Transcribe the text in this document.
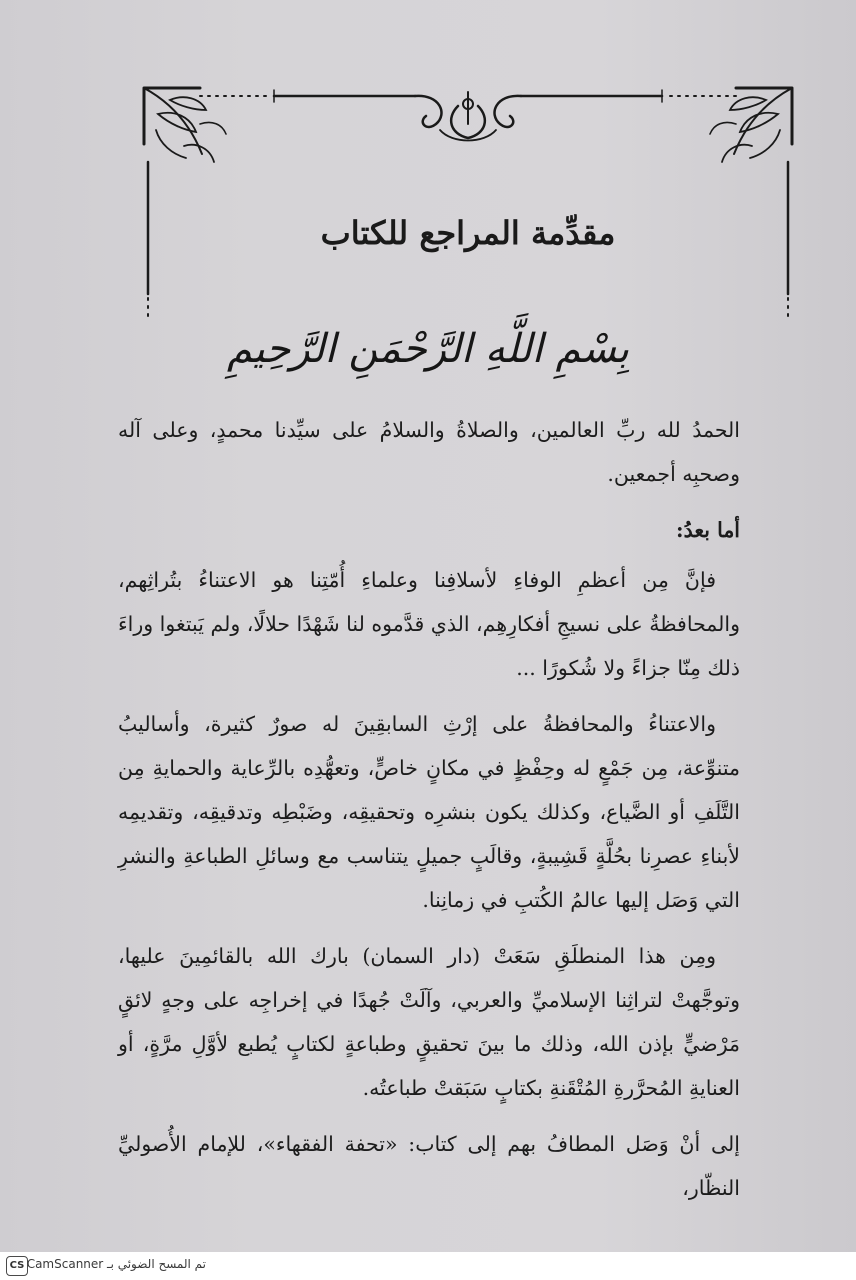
مقدِّمة المراجع للكتاب
بِسْمِ اللَّهِ الرَّحْمَنِ الرَّحِيمِ

الحمدُ لله ربِّ العالمين، والصلاةُ والسلامُ على سيِّدنا محمدٍ، وعلى آله وصحبِه أجمعين.

أما بعدُ:

فإنَّ مِن أعظمِ الوفاءِ لأسلافِنا وعلماءِ أُمّتِنا هو الاعتناءُ بتُراثِهم، والمحافظةُ على نسيجِ أفكارِهِم، الذي قدَّموه لنا شَهْدًا حلالًا، ولم يَبتغوا وراءَ ذلك مِنّا جزاءً ولا شُكورًا ...

والاعتناءُ والمحافظةُ على إرْثِ السابقِينَ له صورٌ كثيرة، وأساليبُ متنوِّعة، مِن جَمْعٍ له وحِفْظٍ في مكانٍ خاصٍّ، وتعهُّدِه بالرِّعاية والحمايةِ مِن التَّلَفِ أو الضَّياع، وكذلك يكون بنشرِه وتحقيقِه، وضَبْطِه وتدقيقِه، وتقديمِه لأبناءِ عصرِنا بحُلَّةٍ قَشِيبةٍ، وقالَبٍ جميلٍ يتناسب مع وسائلِ الطباعةِ والنشرِ التي وَصَل إليها عالمُ الكُتبِ في زمانِنا.

ومِن هذا المنطلَقِ سَعَتْ (دار السمان) بارك الله بالقائمِينَ عليها، وتوجَّهتْ لتراثِنا الإسلاميِّ والعربي، وآلَتْ جُهدًا في إخراجِه على وجهٍ لائقٍ مَرْضيٍّ بإذن الله، وذلك ما بينَ تحقيقٍ وطباعةٍ لكتابٍ يُطبع لأوَّلِ مرَّةٍ، أو العنايةِ المُحرَّرةِ المُتْقَنةِ بكتابٍ سَبَقتْ طباعتُه.

إلى أنْ وَصَل المطافُ بهم إلى كتاب: «تحفة الفقهاء»، للإمام الأُصوليِّ النظّار،

CS تم المسح الضوئي بـ CamScanner
